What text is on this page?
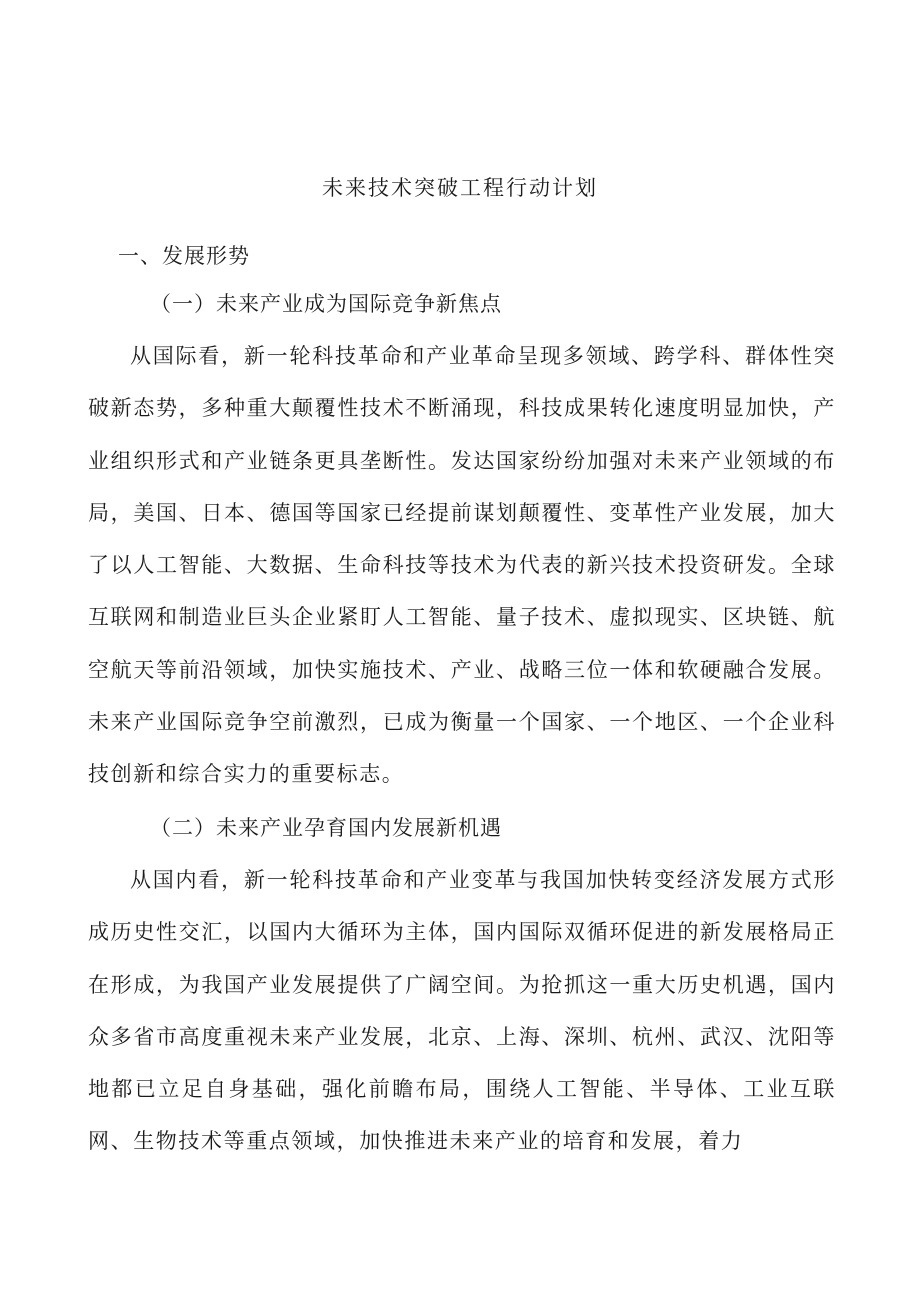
未来技术突破工程行动计划
一、发展形势
（一）未来产业成为国际竞争新焦点

从国际看，新一轮科技革命和产业革命呈现多领域、跨学科、群体性突破新态势，多种重大颠覆性技术不断涌现，科技成果转化速度明显加快，产业组织形式和产业链条更具垄断性。发达国家纷纷加强对未来产业领域的布局，美国、日本、德国等国家已经提前谋划颠覆性、变革性产业发展，加大了以人工智能、大数据、生命科技等技术为代表的新兴技术投资研发。全球互联网和制造业巨头企业紧盯人工智能、量子技术、虚拟现实、区块链、航空航天等前沿领域，加快实施技术、产业、战略三位一体和软硬融合发展。未来产业国际竞争空前激烈，已成为衡量一个国家、一个地区、一个企业科技创新和综合实力的重要标志。

（二）未来产业孕育国内发展新机遇

从国内看，新一轮科技革命和产业变革与我国加快转变经济发展方式形成历史性交汇，以国内大循环为主体，国内国际双循环促进的新发展格局正在形成，为我国产业发展提供了广阔空间。为抢抓这一重大历史机遇，国内众多省市高度重视未来产业发展，北京、上海、深圳、杭州、武汉、沈阳等地都已立足自身基础，强化前瞻布局，围绕人工智能、半导体、工业互联网、生物技术等重点领域，加快推进未来产业的培育和发展，着力
